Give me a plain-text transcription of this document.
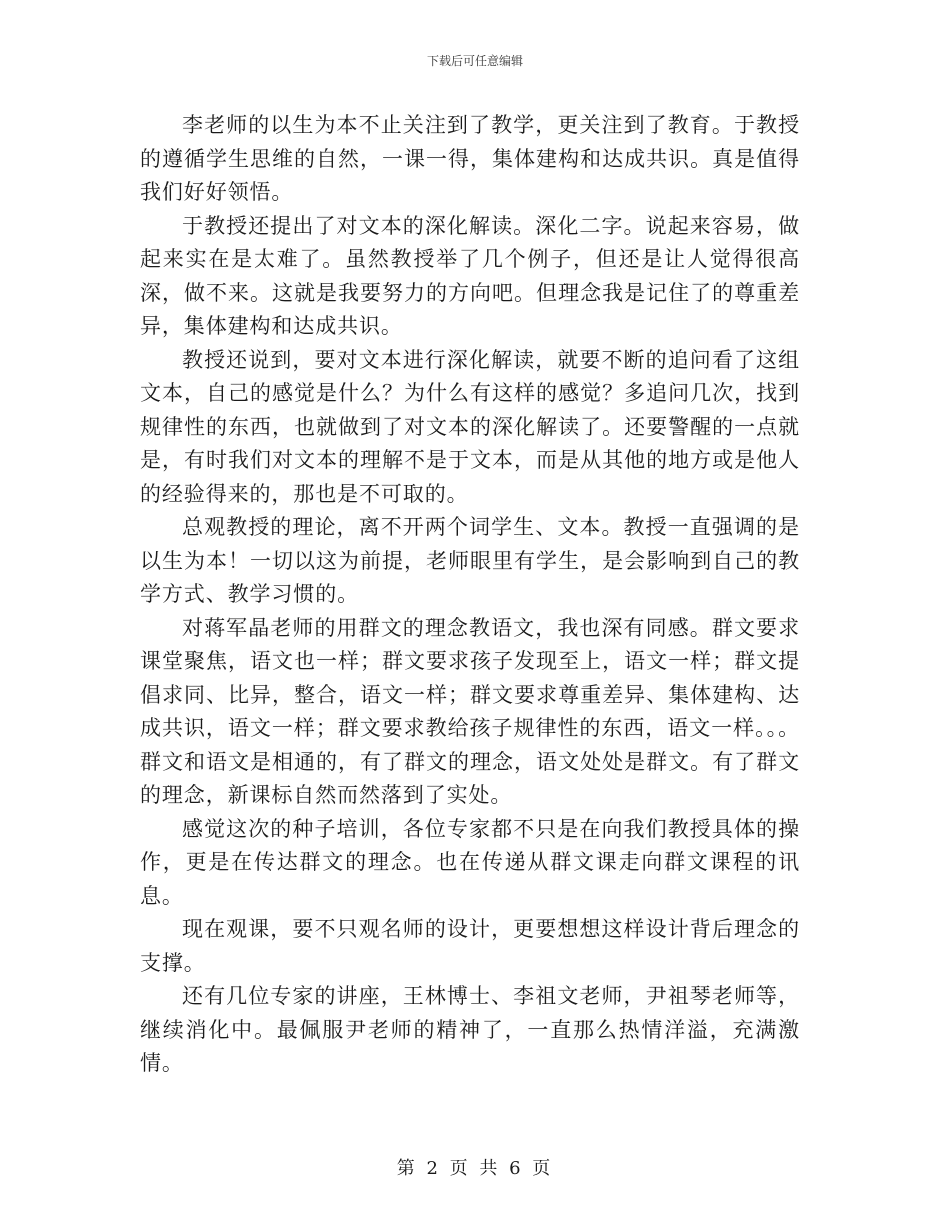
下载后可任意编辑

李老师的以生为本不止关注到了教学，更关注到了教育。于教授的遵循学生思维的自然，一课一得，集体建构和达成共识。真是值得我们好好领悟。

于教授还提出了对文本的深化解读。深化二字。说起来容易，做起来实在是太难了。虽然教授举了几个例子，但还是让人觉得很高深，做不来。这就是我要努力的方向吧。但理念我是记住了的尊重差异，集体建构和达成共识。

教授还说到，要对文本进行深化解读，就要不断的追问看了这组文本，自己的感觉是什么？为什么有这样的感觉？多追问几次，找到规律性的东西，也就做到了对文本的深化解读了。还要警醒的一点就是，有时我们对文本的理解不是于文本，而是从其他的地方或是他人的经验得来的，那也是不可取的。

总观教授的理论，离不开两个词学生、文本。教授一直强调的是以生为本！一切以这为前提，老师眼里有学生，是会影响到自己的教学方式、教学习惯的。

对蒋军晶老师的用群文的理念教语文，我也深有同感。群文要求课堂聚焦，语文也一样；群文要求孩子发现至上，语文一样；群文提倡求同、比异，整合，语文一样；群文要求尊重差异、集体建构、达成共识，语文一样；群文要求教给孩子规律性的东西，语文一样。。。群文和语文是相通的，有了群文的理念，语文处处是群文。有了群文的理念，新课标自然而然落到了实处。

感觉这次的种子培训，各位专家都不只是在向我们教授具体的操作，更是在传达群文的理念。也在传递从群文课走向群文课程的讯息。

现在观课，要不只观名师的设计，更要想想这样设计背后理念的支撑。

还有几位专家的讲座，王林博士、李祖文老师，尹祖琴老师等，继续消化中。最佩服尹老师的精神了，一直那么热情洋溢，充满激情。

第 2 页 共 6 页
